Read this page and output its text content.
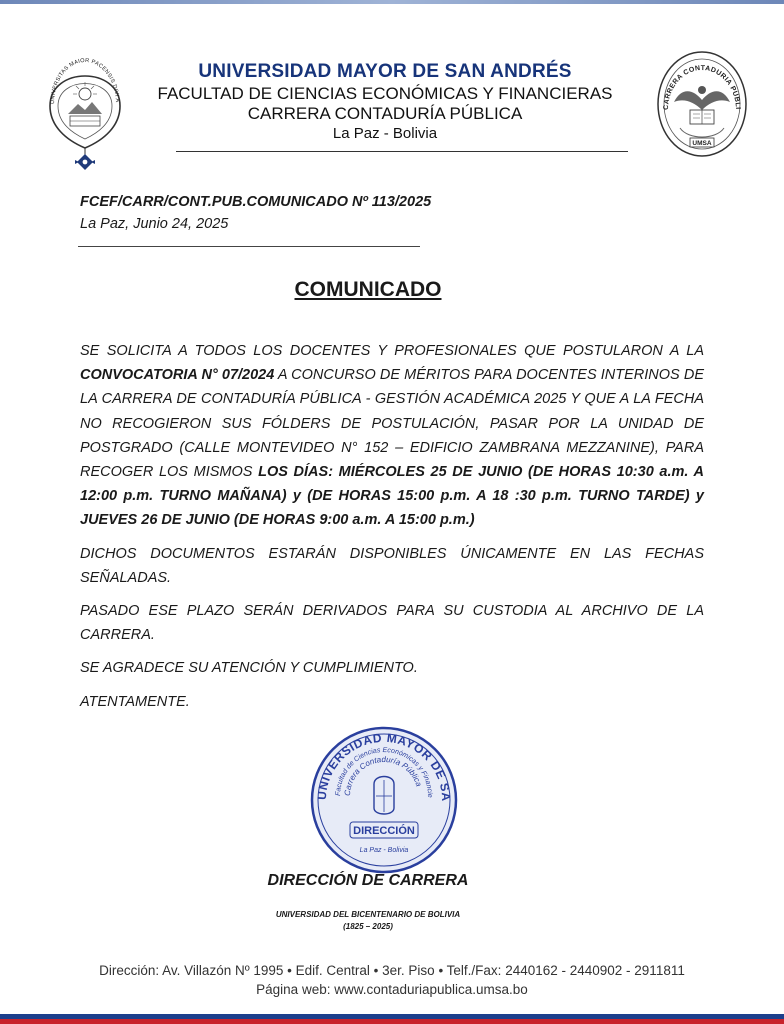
UNIVERSITAS MAIOR PACENSIS DIVI A
UNIVERSIDAD MAYOR DE SAN ANDRÉS
FACULTAD DE CIENCIAS ECONÓMICAS Y FINANCIERAS
CARRERA CONTADURÍA PÚBLICA
La Paz - Bolivia
CARRERA CONTADURIA PUBLI
UMSA
FCEF/CARR/CONT.PUB.COMUNICADO Nº 113/2025
La Paz, Junio 24, 2025
COMUNICADO

SE SOLICITA A TODOS LOS DOCENTES Y PROFESIONALES QUE POSTULARON A LA CONVOCATORIA N° 07/2024 A CONCURSO DE MÉRITOS PARA DOCENTES INTERINOS DE LA CARRERA DE CONTADURÍA PÚBLICA - GESTIÓN ACADÉMICA 2025 Y QUE A LA FECHA NO RECOGIERON SUS FÓLDERS DE POSTULACIÓN, PASAR POR LA UNIDAD DE POSTGRADO (CALLE MONTEVIDEO N° 152 – EDIFICIO ZAMBRANA MEZZANINE), PARA RECOGER LOS MISMOS LOS DÍAS: MIÉRCOLES 25 DE JUNIO (DE HORAS 10:30 a.m. A 12:00 p.m. TURNO MAÑANA) y (DE HORAS 15:00 p.m. A 18 :30 p.m. TURNO TARDE) y JUEVES 26 DE JUNIO (DE HORAS 9:00 a.m. A 15:00 p.m.)

DICHOS DOCUMENTOS ESTARÁN DISPONIBLES ÚNICAMENTE EN LAS FECHAS SEÑALADAS.

PASADO ESE PLAZO SERÁN DERIVADOS PARA SU CUSTODIA AL ARCHIVO DE LA CARRERA.

SE AGRADECE SU ATENCIÓN Y CUMPLIMIENTO.

ATENTAMENTE.

UNIVERSIDAD MAYOR DE SA
Facultad de Ciencias Económicas y Financie
Carrera Contaduría Pública
DIRECCIÓN
La Paz - Bolivia
DIRECCIÓN DE CARRERA
UNIVERSIDAD DEL BICENTENARIO DE BOLIVIA
(1825 – 2025)
Dirección: Av. Villazón Nº 1995 • Edif. Central • 3er. Piso • Telf./Fax: 2440162 - 2440902 - 2911811
Página web: www.contaduriapublica.umsa.bo
